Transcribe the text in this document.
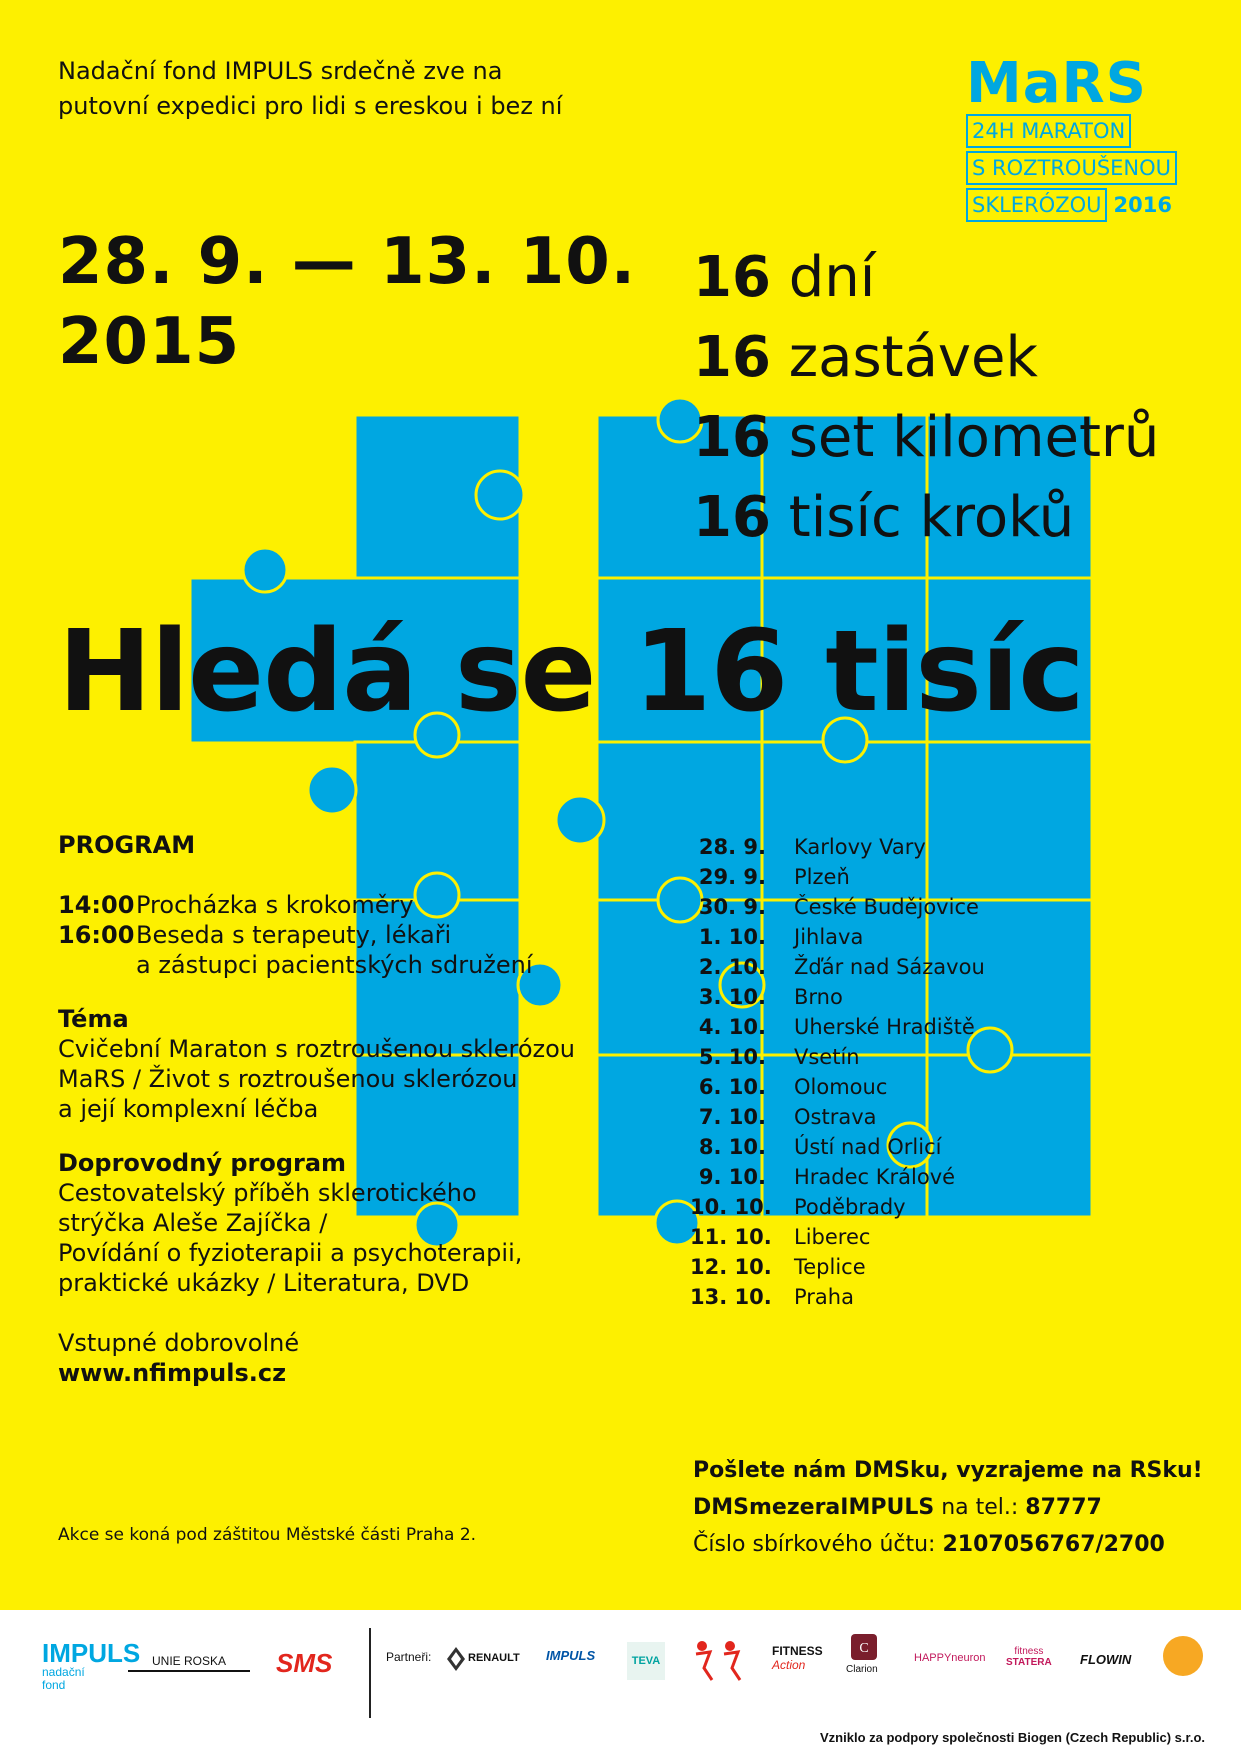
Nadační fond IMPULS srdečně zve na
putovní expedici pro lidi s ereskou i bez ní
28. 9. — 13. 10.
2015
MaRS
24H MARATON
S ROZTROUŠENOU
SKLERÓZOU 2016
16 dní
16 zastávek
16 set kilometrů
16 tisíc kroků
Hledá se 16 tisíc
PROGRAM
14:00Procházka s krokoměry
16:00Beseda s terapeuty, lékaři
a zástupci pacientských sdružení
Téma
Cvičební Maraton s roztroušenou sklerózou
MaRS / Život s roztroušenou sklerózou
a její komplexní léčba
Doprovodný program
Cestovatelský příběh sklerotického
strýčka Aleše Zajíčka /
Povídání o fyzioterapii a psychoterapii,
praktické ukázky / Literatura, DVD
Vstupné dobrovolné
www.nfimpuls.cz
28. 9. Karlovy Vary
29. 9. Plzeň
30. 9. České Budějovice
1. 10. Jihlava
2. 10. Žďár nad Sázavou
3. 10. Brno
4. 10. Uherské Hradiště
5. 10. Vsetín
6. 10. Olomouc
7. 10. Ostrava
8. 10. Ústí nad Orlicí
9. 10. Hradec Králové
10. 10. Poděbrady
11. 10. Liberec
12. 10. Teplice
13. 10. Praha
Pošlete nám DMSku, vyzrajeme na RSku!
DMSmezeraIMPULS na tel.: 87777
Číslo sbírkového účtu: 2107056767/2700
Akce se koná pod záštitou Městské části Praha 2.
IMPULS
nadační
fond
UNIE ROSKA	SMS	Partneři:	RENAULT IMPULS	TEVA
FITNESS
Action
C
Clarion
HAPPYneuron
fitness
STATERA FLOWIN
Vzniklo za podpory společnosti Biogen (Czech Republic) s.r.o.
